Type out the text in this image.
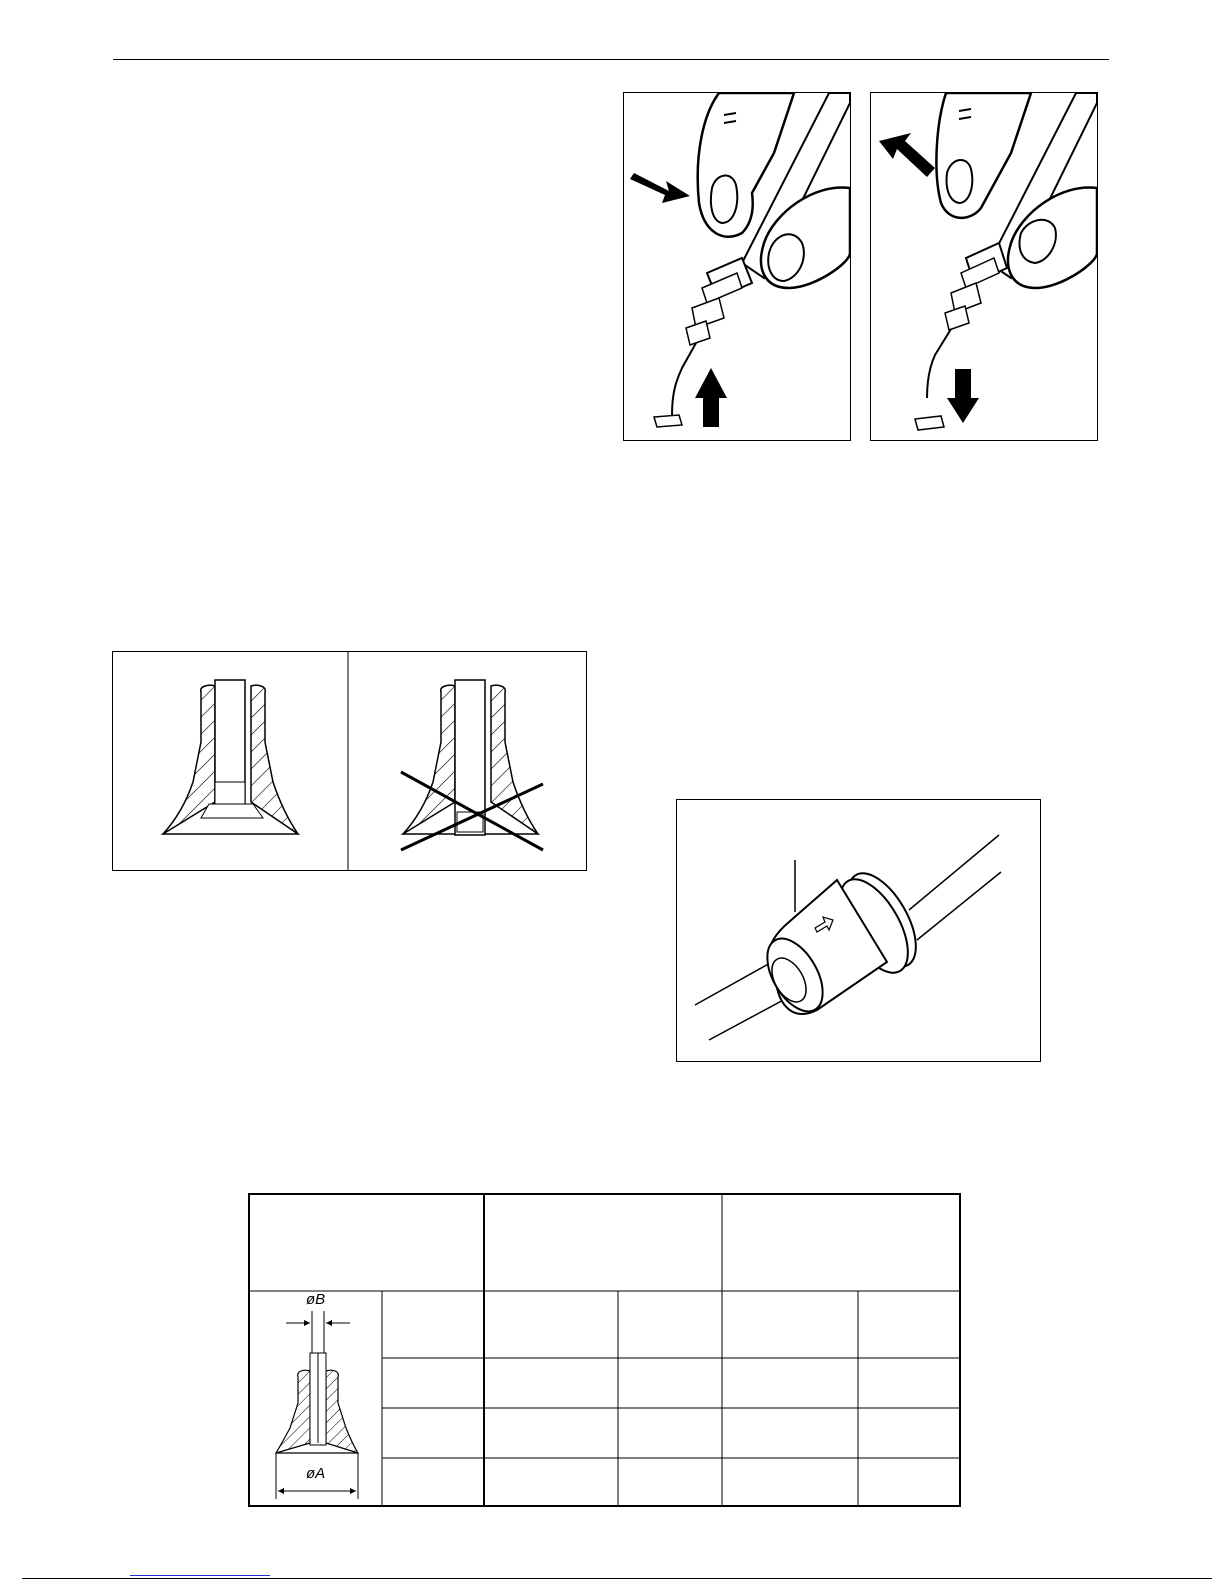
øB
øA
